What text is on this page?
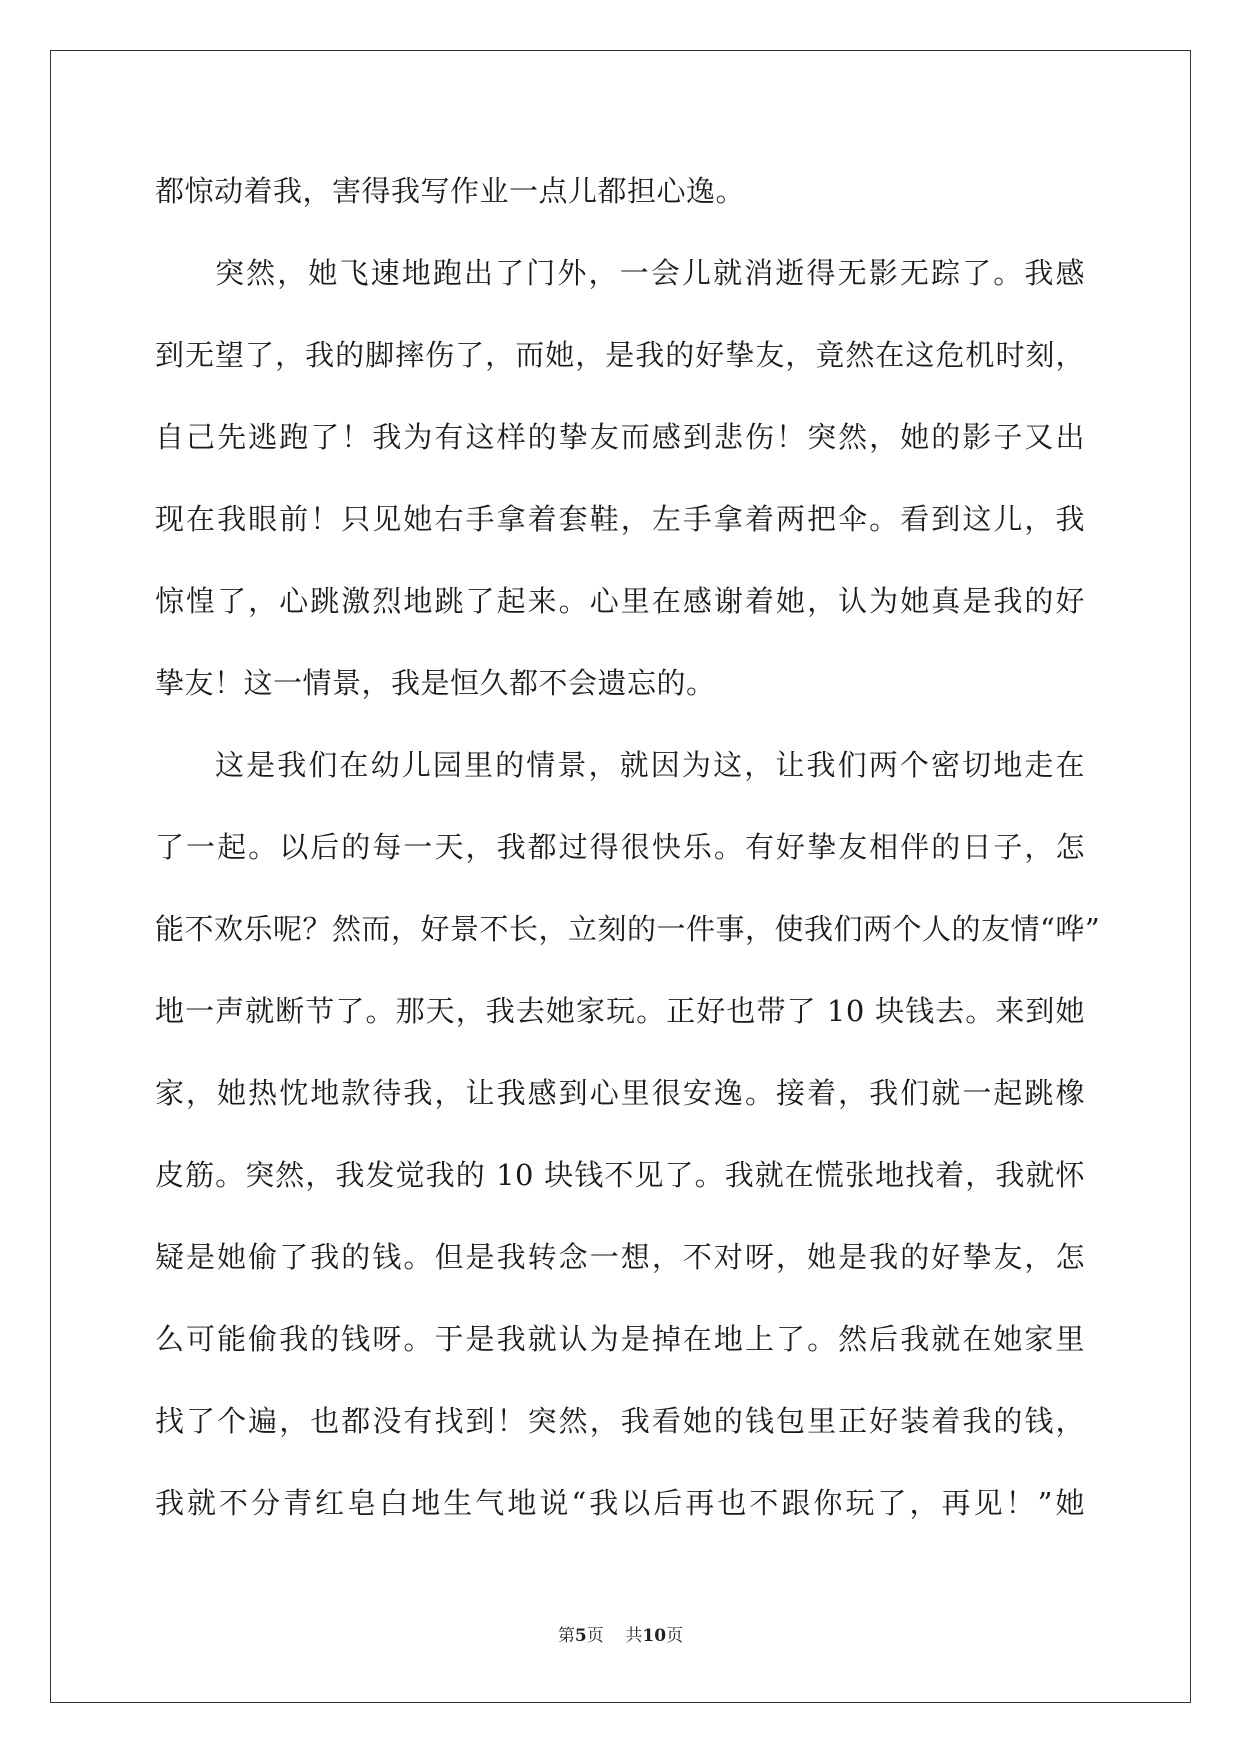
都惊动着我，害得我写作业一点儿都担心逸。
突然，她飞速地跑出了门外，一会儿就消逝得无影无踪了。我感
到无望了，我的脚摔伤了，而她，是我的好挚友，竟然在这危机时刻，
自己先逃跑了！我为有这样的挚友而感到悲伤！突然，她的影子又出
现在我眼前！只见她右手拿着套鞋，左手拿着两把伞。看到这儿，我
惊惶了，心跳激烈地跳了起来。心里在感谢着她，认为她真是我的好
挚友！这一情景，我是恒久都不会遗忘的。
这是我们在幼儿园里的情景，就因为这，让我们两个密切地走在
了一起。以后的每一天，我都过得很快乐。有好挚友相伴的日子，怎
能不欢乐呢？然而，好景不长，立刻的一件事，使我们两个人的友情“哗”
地一声就断节了。那天，我去她家玩。正好也带了 10 块钱去。来到她
家，她热忱地款待我，让我感到心里很安逸。接着，我们就一起跳橡
皮筋。突然，我发觉我的 10 块钱不见了。我就在慌张地找着，我就怀
疑是她偷了我的钱。但是我转念一想，不对呀，她是我的好挚友，怎
么可能偷我的钱呀。于是我就认为是掉在地上了。然后我就在她家里
找了个遍，也都没有找到！突然，我看她的钱包里正好装着我的钱，
我就不分青红皂白地生气地说“我以后再也不跟你玩了，再见！”她
第5页 共10页
